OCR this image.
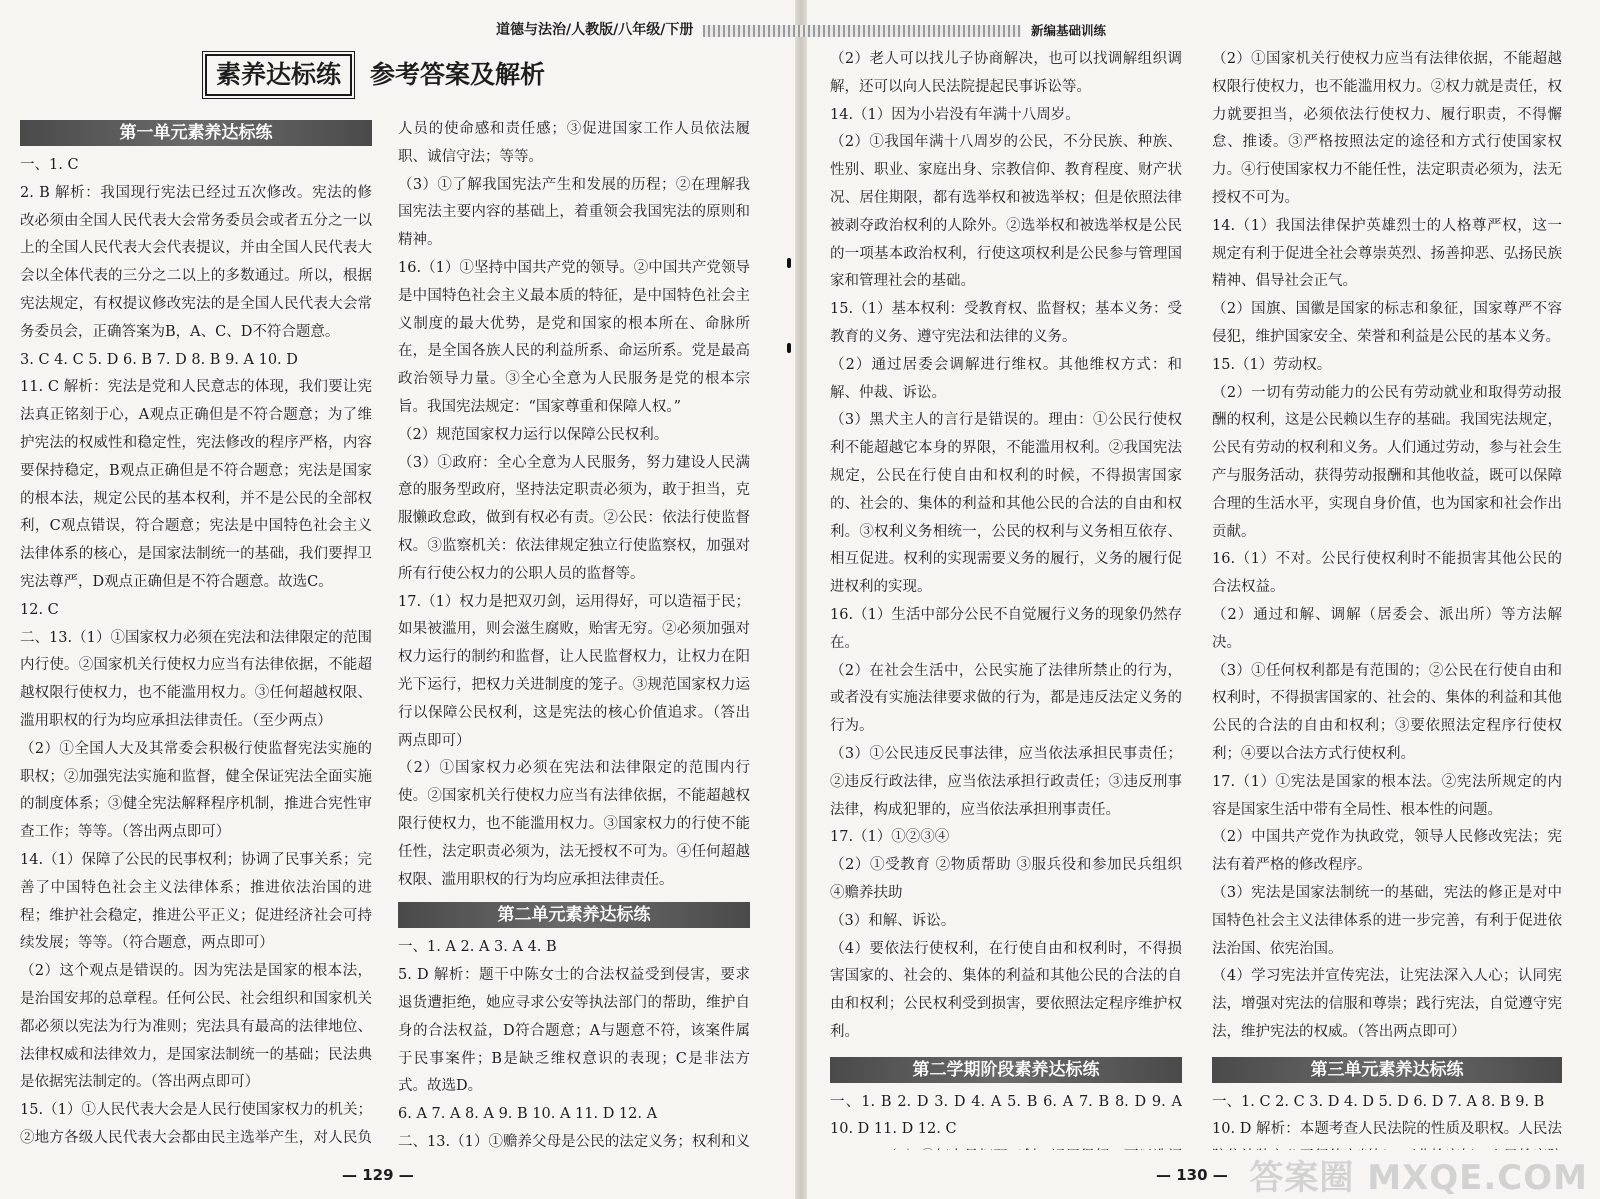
道德与法治/人教版/八年级/下册	新编基础训练
素养达标练	参考答案及解析
第一单元素养达标练

一、1. C

2. B 解析：我国现行宪法已经过五次修改。宪法的修改必须由全国人民代表大会常务委员会或者五分之一以上的全国人民代表大会代表提议，并由全国人民代表大会以全体代表的三分之二以上的多数通过。所以，根据宪法规定，有权提议修改宪法的是全国人民代表大会常务委员会，正确答案为B，A、C、D不符合题意。

3. C 4. C 5. D 6. B 7. D 8. B 9. A 10. D

11. C 解析：宪法是党和人民意志的体现，我们要让宪法真正铭刻于心，A观点正确但是不符合题意；为了维护宪法的权威性和稳定性，宪法修改的程序严格，内容要保持稳定，B观点正确但是不符合题意；宪法是国家的根本法，规定公民的基本权利，并不是公民的全部权利，C观点错误，符合题意；宪法是中国特色社会主义法律体系的核心，是国家法制统一的基础，我们要捍卫宪法尊严，D观点正确但是不符合题意。故选C。

12. C

二、13.（1）①国家权力必须在宪法和法律限定的范围内行使。②国家机关行使权力应当有法律依据，不能超越权限行使权力，也不能滥用权力。③任何超越权限、滥用职权的行为均应承担法律责任。（至少两点）

（2）①全国人大及其常委会积极行使监督宪法实施的职权；②加强宪法实施和监督，健全保证宪法全面实施的制度体系；③健全宪法解释程序机制，推进合宪性审查工作；等等。（答出两点即可）

14.（1）保障了公民的民事权利；协调了民事关系；完善了中国特色社会主义法律体系；推进依法治国的进程；维护社会稳定，推进公平正义；促进经济社会可持续发展；等等。（符合题意，两点即可）

（2）这个观点是错误的。因为宪法是国家的根本法，是治国安邦的总章程。任何公民、社会组织和国家机关都必须以宪法为行为准则；宪法具有最高的法律地位、法律权威和法律效力，是国家法制统一的基础；民法典是依据宪法制定的。（答出两点即可）

15.（1）①人民代表大会是人民行使国家权力的机关；②地方各级人民代表大会都由民主选举产生，对人民负

人员的使命感和责任感；③促进国家工作人员依法履职、诚信守法；等等。

（3）①了解我国宪法产生和发展的历程；②在理解我国宪法主要内容的基础上，着重领会我国宪法的原则和精神。

16.（1）①坚持中国共产党的领导。②中国共产党领导是中国特色社会主义最本质的特征，是中国特色社会主义制度的最大优势，是党和国家的根本所在、命脉所在，是全国各族人民的利益所系、命运所系。党是最高政治领导力量。③全心全意为人民服务是党的根本宗旨。我国宪法规定：“国家尊重和保障人权。”

（2）规范国家权力运行以保障公民权利。

（3）①政府：全心全意为人民服务，努力建设人民满意的服务型政府，坚持法定职责必须为，敢于担当，克服懒政怠政，做到有权必有责。②公民：依法行使监督权。③监察机关：依法律规定独立行使监察权，加强对所有行使公权力的公职人员的监督等。

17.（1）权力是把双刃剑，运用得好，可以造福于民；如果被滥用，则会滋生腐败，贻害无穷。②必须加强对权力运行的制约和监督，让人民监督权力，让权力在阳光下运行，把权力关进制度的笼子。③规范国家权力运行以保障公民权利，这是宪法的核心价值追求。（答出两点即可）

（2）①国家权力必须在宪法和法律限定的范围内行使。②国家机关行使权力应当有法律依据，不能超越权限行使权力，也不能滥用权力。③国家权力的行使不能任性，法定职责必须为，法无授权不可为。④任何超越权限、滥用职权的行为均应承担法律责任。

第二单元素养达标练

一、1. A 2. A 3. A 4. B

5. D 解析：题干中陈女士的合法权益受到侵害，要求退货遭拒绝，她应寻求公安等执法部门的帮助，维护自身的合法权益，D符合题意；A与题意不符，该案件属于民事案件；B是缺乏维权意识的表现；C是非法方式。故选D。

6. A 7. A 8. A 9. B 10. A 11. D 12. A

二、13.（1）①赡养父母是公民的法定义务；权利和义

（2）老人可以找儿子协商解决，也可以找调解组织调解，还可以向人民法院提起民事诉讼等。

14.（1）因为小岩没有年满十八周岁。

（2）①我国年满十八周岁的公民，不分民族、种族、性别、职业、家庭出身、宗教信仰、教育程度、财产状况、居住期限，都有选举权和被选举权；但是依照法律被剥夺政治权利的人除外。②选举权和被选举权是公民的一项基本政治权利，行使这项权利是公民参与管理国家和管理社会的基础。

15.（1）基本权利：受教育权、监督权；基本义务：受教育的义务、遵守宪法和法律的义务。

（2）通过居委会调解进行维权。其他维权方式：和解、仲裁、诉讼。

（3）黑犬主人的言行是错误的。理由：①公民行使权利不能超越它本身的界限，不能滥用权利。②我国宪法规定，公民在行使自由和权利的时候，不得损害国家的、社会的、集体的利益和其他公民的合法的自由和权利。③权利义务相统一，公民的权利与义务相互依存、相互促进。权利的实现需要义务的履行，义务的履行促进权利的实现。

16.（1）生活中部分公民不自觉履行义务的现象仍然存在。

（2）在社会生活中，公民实施了法律所禁止的行为，或者没有实施法律要求做的行为，都是违反法定义务的行为。

（3）①公民违反民事法律，应当依法承担民事责任；②违反行政法律，应当依法承担行政责任；③违反刑事法律，构成犯罪的，应当依法承担刑事责任。

17.（1）①②③④

（2）①受教育 ②物质帮助 ③服兵役和参加民兵组织 ④赡养扶助

（3）和解、诉讼。

（4）要依法行使权利，在行使自由和权利时，不得损害国家的、社会的、集体的利益和其他公民的合法的自由和权利；公民权利受到损害，要依照法定程序维护权利。

第二学期阶段素养达标练

一、1. B 2. D 3. D 4. A 5. B 6. A 7. B 8. D 9. A 10. D 11. D 12. C

（2）①国家机关行使权力应当有法律依据，不能超越权限行使权力，也不能滥用权力。②权力就是责任，权力就要担当，必须依法行使权力、履行职责，不得懈怠、推诿。③严格按照法定的途径和方式行使国家权力。④行使国家权力不能任性，法定职责必须为，法无授权不可为。

14.（1）我国法律保护英雄烈士的人格尊严权，这一规定有利于促进全社会尊崇英烈、扬善抑恶、弘扬民族精神、倡导社会正气。

（2）国旗、国徽是国家的标志和象征，国家尊严不容侵犯，维护国家安全、荣誉和利益是公民的基本义务。

15.（1）劳动权。

（2）一切有劳动能力的公民有劳动就业和取得劳动报酬的权利，这是公民赖以生存的基础。我国宪法规定，公民有劳动的权利和义务。人们通过劳动，参与社会生产与服务活动，获得劳动报酬和其他收益，既可以保障合理的生活水平，实现自身价值，也为国家和社会作出贡献。

16.（1）不对。公民行使权利时不能损害其他公民的合法权益。

（2）通过和解、调解（居委会、派出所）等方法解决。

（3）①任何权利都是有范围的；②公民在行使自由和权利时，不得损害国家的、社会的、集体的利益和其他公民的合法的自由和权利；③要依照法定程序行使权利；④要以合法方式行使权利。

17.（1）①宪法是国家的根本法。②宪法所规定的内容是国家生活中带有全局性、根本性的问题。

（2）中国共产党作为执政党，领导人民修改宪法；宪法有着严格的修改程序。

（3）宪法是国家法制统一的基础，宪法的修正是对中国特色社会主义法律体系的进一步完善，有利于促进依法治国、依宪治国。

（4）学习宪法并宣传宪法，让宪法深入人心；认同宪法，增强对宪法的信服和尊崇；践行宪法，自觉遵守宪法，维护宪法的权威。（答出两点即可）

第三单元素养达标练

一、1. C 2. C 3. D 4. D 5. D 6. D 7. A 8. B 9. B

10. D 解析：本题考查人民法院的性质及职权。人民法

— 129 —	— 130 — 答案圈 MXQE.COM
